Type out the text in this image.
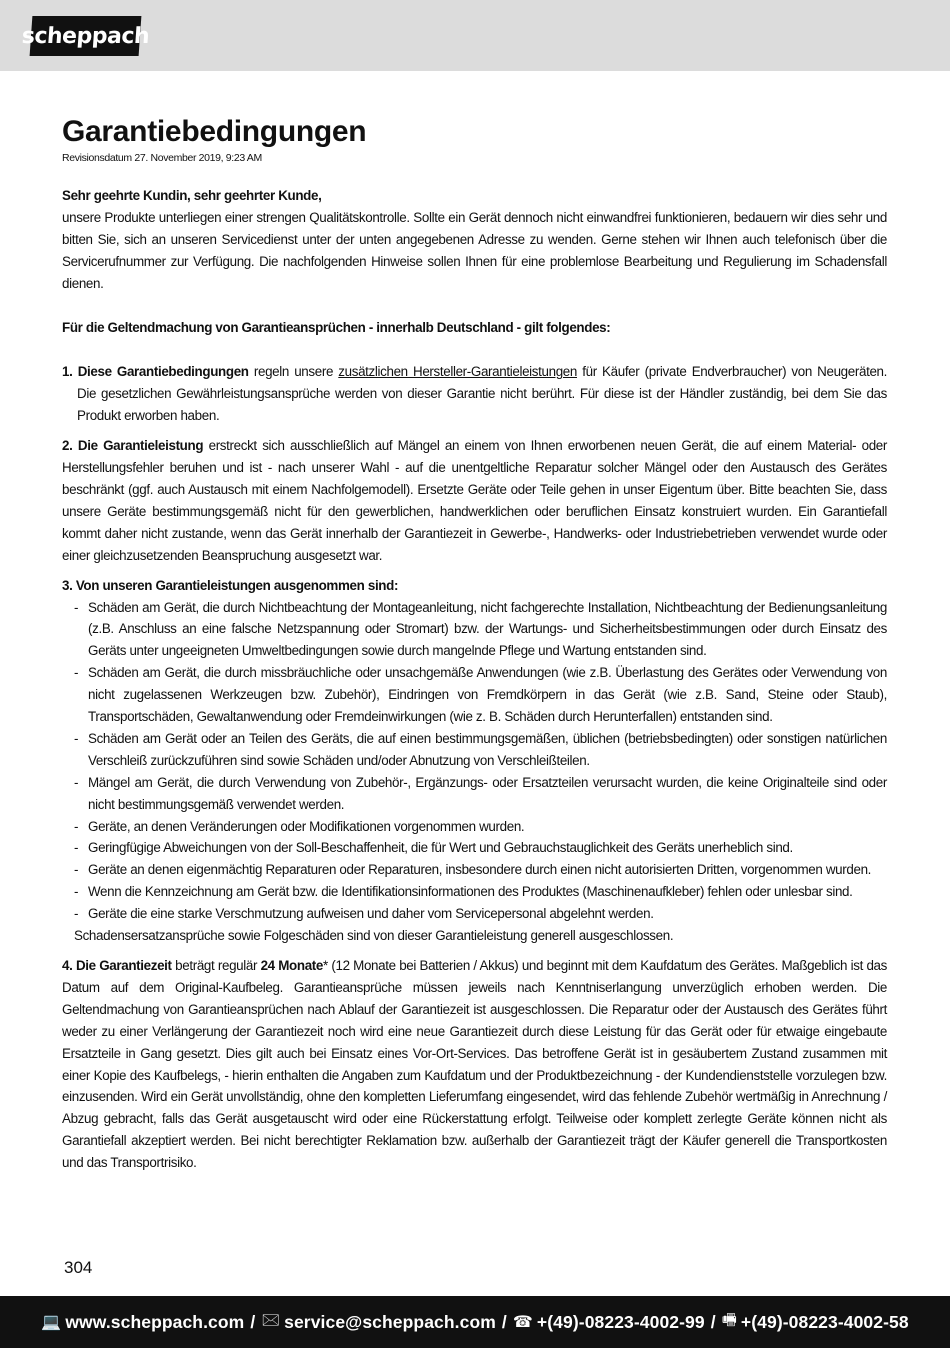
scheppach
Garantiebedingungen
Revisionsdatum 27. November 2019, 9:23 AM

Sehr geehrte Kundin, sehr geehrter Kunde,

unsere Produkte unterliegen einer strengen Qualitätskontrolle. Sollte ein Gerät dennoch nicht einwandfrei funktionieren, bedauern wir dies sehr und bitten Sie, sich an unseren Servicedienst unter der unten angegebenen Adresse zu wenden. Gerne stehen wir Ihnen auch telefonisch über die Servicerufnummer zur Verfügung. Die nachfolgenden Hinweise sollen Ihnen für eine problemlose Bearbeitung und Regulierung im Schadensfall dienen.

Für die Geltendmachung von Garantieansprüchen - innerhalb Deutschland - gilt folgendes:

1. Diese Garantiebedingungen regeln unsere zusätzlichen Hersteller-Garantieleistungen für Käufer (private Endverbraucher) von Neugeräten. Die gesetzlichen Gewährleistungsansprüche werden von dieser Garantie nicht berührt. Für diese ist der Händler zuständig, bei dem Sie das Produkt erworben haben.

2. Die Garantieleistung erstreckt sich ausschließlich auf Mängel an einem von Ihnen erworbenen neuen Gerät, die auf einem Material- oder Herstellungsfehler beruhen und ist - nach unserer Wahl - auf die unentgeltliche Reparatur solcher Mängel oder den Austausch des Gerätes beschränkt (ggf. auch Austausch mit einem Nachfolgemodell). Ersetzte Geräte oder Teile gehen in unser Eigentum über. Bitte beachten Sie, dass unsere Geräte bestimmungsgemäß nicht für den gewerblichen, handwerklichen oder beruflichen Einsatz konstruiert wurden. Ein Garantiefall kommt daher nicht zustande, wenn das Gerät innerhalb der Garantiezeit in Gewerbe-, Handwerks- oder Industriebetrieben verwendet wurde oder einer gleichzusetzenden Beanspruchung ausgesetzt war.

3. Von unseren Garantieleistungen ausgenommen sind:

- Schäden am Gerät, die durch Nichtbeachtung der Montageanleitung, nicht fachgerechte Installation, Nichtbeachtung der Bedienungsanleitung (z.B. Anschluss an eine falsche Netzspannung oder Stromart) bzw. der Wartungs- und Sicherheitsbestimmungen oder durch Einsatz des Geräts unter ungeeigneten Umweltbedingungen sowie durch mangelnde Pflege und Wartung entstanden sind.
- Schäden am Gerät, die durch missbräuchliche oder unsachgemäße Anwendungen (wie z.B. Überlastung des Gerätes oder Verwendung von nicht zugelassenen Werkzeugen bzw. Zubehör), Eindringen von Fremdkörpern in das Gerät (wie z.B. Sand, Steine oder Staub), Transportschäden, Gewaltanwendung oder Fremdeinwirkungen (wie z. B. Schäden durch Herunterfallen) entstanden sind.
- Schäden am Gerät oder an Teilen des Geräts, die auf einen bestimmungsgemäßen, üblichen (betriebsbedingten) oder sonstigen natürlichen Verschleiß zurückzuführen sind sowie Schäden und/oder Abnutzung von Verschleißteilen.
- Mängel am Gerät, die durch Verwendung von Zubehör-, Ergänzungs- oder Ersatzteilen verursacht wurden, die keine Originalteile sind oder nicht bestimmungsgemäß verwendet werden.
- Geräte, an denen Veränderungen oder Modifikationen vorgenommen wurden.
- Geringfügige Abweichungen von der Soll-Beschaffenheit, die für Wert und Gebrauchstauglichkeit des Geräts unerheblich sind.
- Geräte an denen eigenmächtig Reparaturen oder Reparaturen, insbesondere durch einen nicht autorisierten Dritten, vorgenommen wurden.
- Wenn die Kennzeichnung am Gerät bzw. die Identifikationsinformationen des Produktes (Maschinenaufkleber) fehlen oder unlesbar sind.
- Geräte die eine starke Verschmutzung aufweisen und daher vom Servicepersonal abgelehnt werden.

Schadensersatzansprüche sowie Folgeschäden sind von dieser Garantieleistung generell ausgeschlossen.

4. Die Garantiezeit beträgt regulär 24 Monate* (12 Monate bei Batterien / Akkus) und beginnt mit dem Kaufdatum des Gerätes. Maßgeblich ist das Datum auf dem Original-Kaufbeleg. Garantieansprüche müssen jeweils nach Kenntniserlangung unverzüglich erhoben werden. Die Geltendmachung von Garantieansprüchen nach Ablauf der Garantiezeit ist ausgeschlossen. Die Reparatur oder der Austausch des Gerätes führt weder zu einer Verlängerung der Garantiezeit noch wird eine neue Garantiezeit durch diese Leistung für das Gerät oder für etwaige eingebaute Ersatzteile in Gang gesetzt. Dies gilt auch bei Einsatz eines Vor-Ort-Services. Das betroffene Gerät ist in gesäubertem Zustand zusammen mit einer Kopie des Kaufbelegs, - hierin enthalten die Angaben zum Kaufdatum und der Produktbezeichnung - der Kundendienststelle vorzulegen bzw. einzusenden. Wird ein Gerät unvollständig, ohne den kompletten Lieferumfang eingesendet, wird das fehlende Zubehör wertmäßig in Anrechnung / Abzug gebracht, falls das Gerät ausgetauscht wird oder eine Rückerstattung erfolgt. Teilweise oder komplett zerlegte Geräte können nicht als Garantiefall akzeptiert werden. Bei nicht berechtigter Reklamation bzw. außerhalb der Garantiezeit trägt der Käufer generell die Transportkosten und das Transportrisiko.

304
💻 www.scheppach.com / 🖂 service@scheppach.com / ☎ +(49)-08223-4002-99 / 🖷 +(49)-08223-4002-58
